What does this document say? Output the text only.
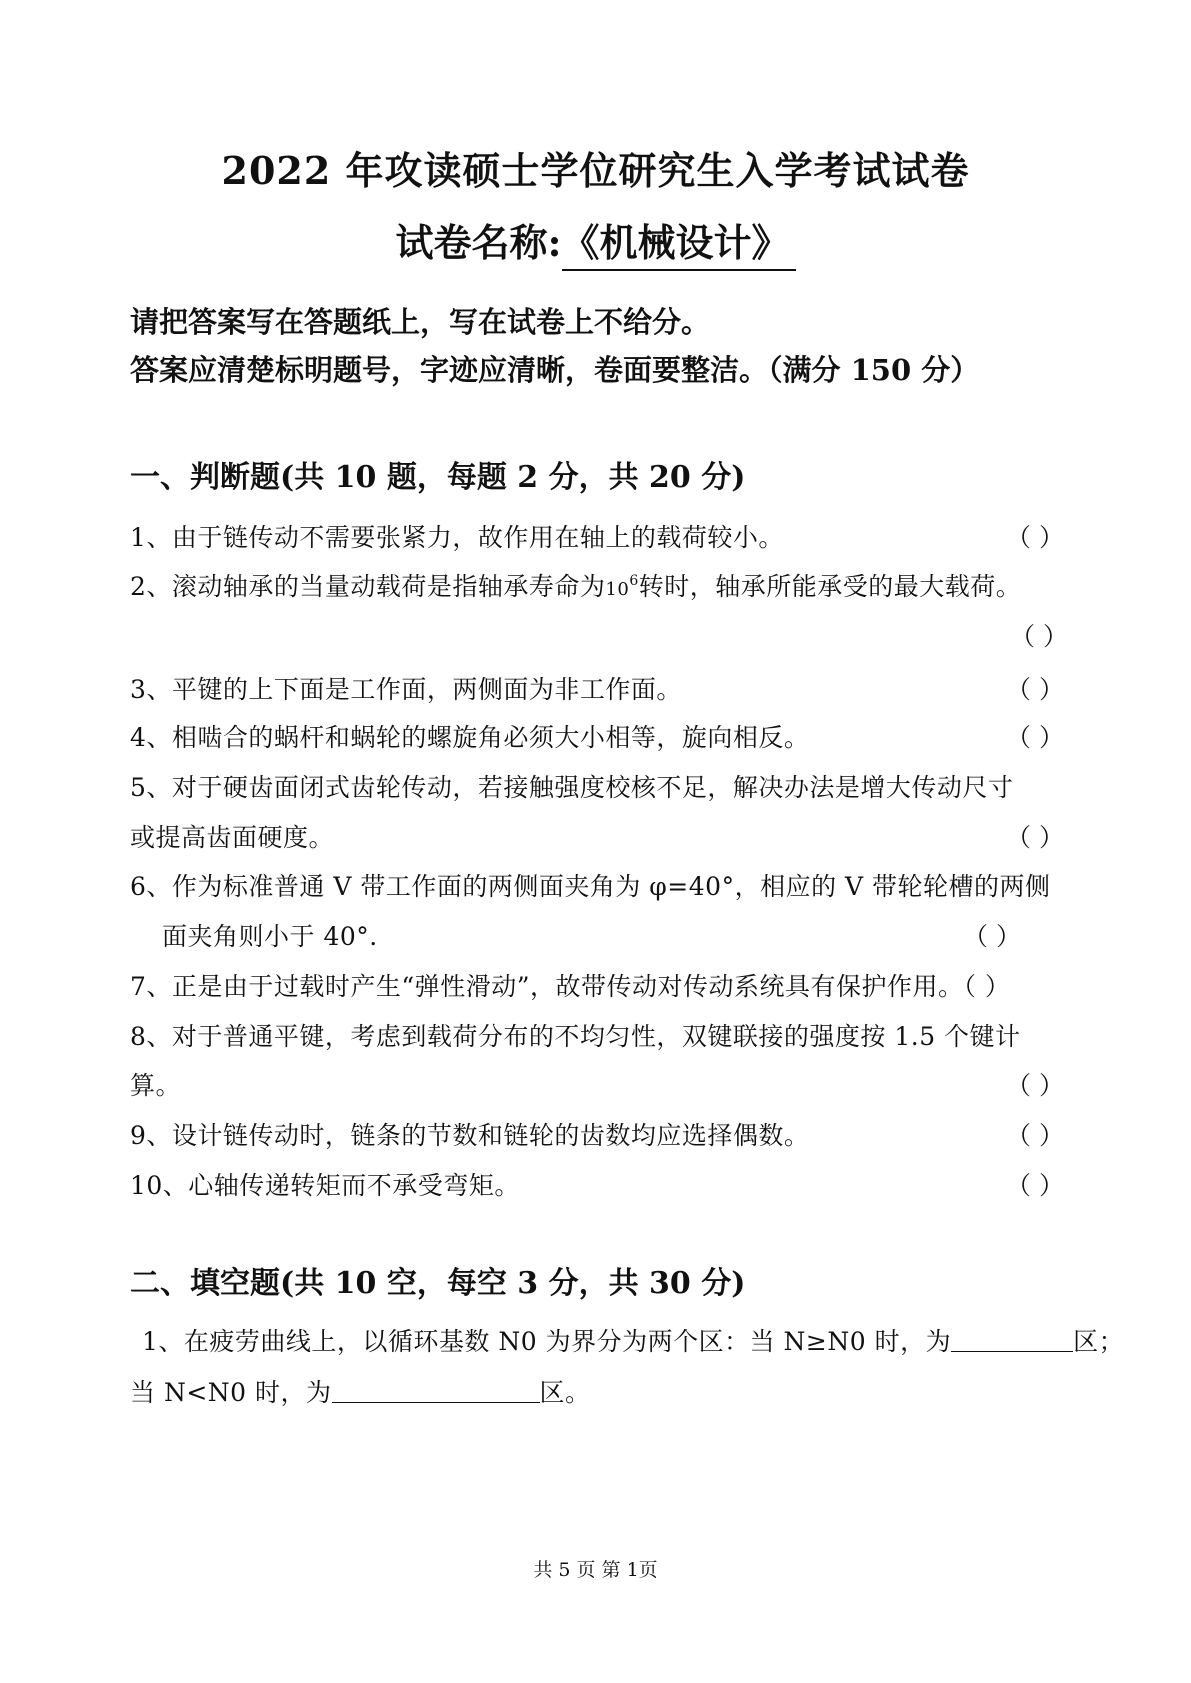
2022 年攻读硕士学位研究生入学考试试卷
试卷名称:《机械设计》
请把答案写在答题纸上，写在试卷上不给分。
答案应清楚标明题号，字迹应清晰，卷面要整洁。（满分 150 分）
一、判断题(共 10 题，每题 2 分，共 20 分)
1、由于链传动不需要张紧力，故作用在轴上的载荷较小。	（ ）
2、滚动轴承的当量动载荷是指轴承寿命为$10^6$转时，轴承所能承受的最大载荷。
（ ）
3、平键的上下面是工作面，两侧面为非工作面。	（ ）
4、相啮合的蜗杆和蜗轮的螺旋角必须大小相等，旋向相反。	（ ）
5、对于硬齿面闭式齿轮传动，若接触强度校核不足，解决办法是增大传动尺寸
或提高齿面硬度。	（ ）
6、作为标准普通 V 带工作面的两侧面夹角为 φ=40°，相应的 V 带轮轮槽的两侧
面夹角则小于 40°.	（ ）
7、正是由于过载时产生“弹性滑动”，故带传动对传动系统具有保护作用。（ ）
8、对于普通平键，考虑到载荷分布的不均匀性，双键联接的强度按 1.5 个键计
算。	（ ）
9、设计链传动时，链条的节数和链轮的齿数均应选择偶数。	（ ）
10、心轴传递转矩而不承受弯矩。	（ ）
二、填空题(共 10 空，每空 3 分，共 30 分)
1、在疲劳曲线上，以循环基数 N0 为界分为两个区：当 N≥N0 时，为	区；
当 N<N0 时，为	区。
共 5 页 第 1页
